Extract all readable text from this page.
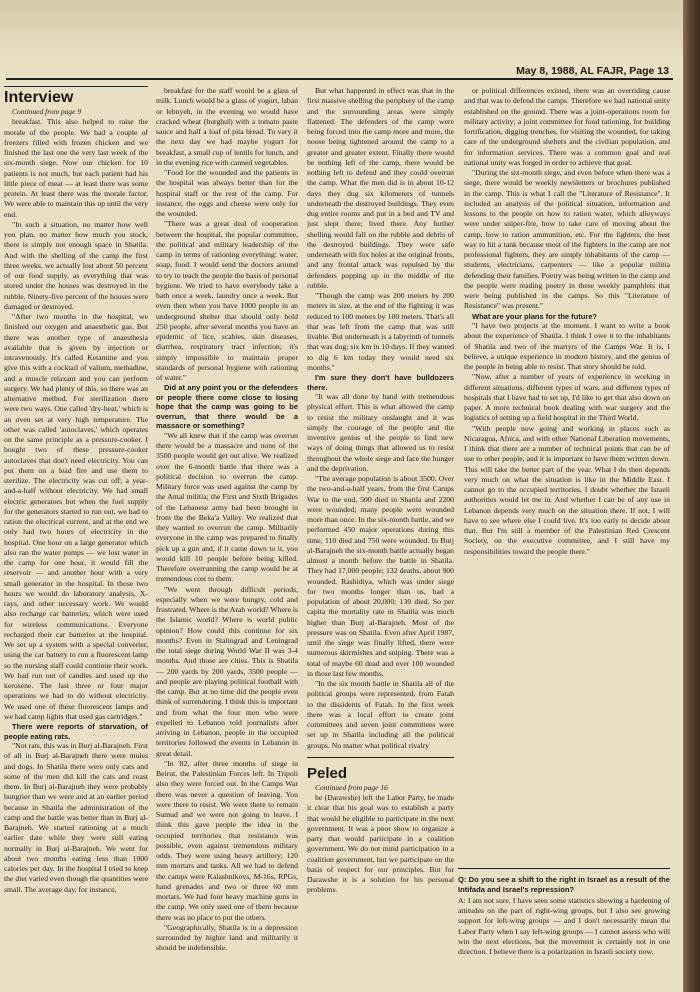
May 8, 1988, AL FAJR, Page 13
Interview

Continued from page 9

breakfast. This also helped to raise the morale of the people. We had a couple of freezers filled with frozen chicken and we finished the last one the very last week of the six-month siege. Now our chicken for 10 patients is not much, but each patient had his little piece of meat — at least there was some protein. At least there was the morale factor. We were able to maintain this up until the very end.

"In such a situation, no matter how well you plan, no matter how much you stock, there is simply not enough space in Shatila. And with the shelling of the camp the first three weeks, we actually lost about 50 percent of our food supply, as everything that was stored under the houses was destroyed in the rubble. Ninety-five percent of the houses were damaged or destroyed.

"After two months in the hospital, we finished our oxygen and anaesthetic gas. But there was another type of anaesthesia available that is given by injection or intravenously. It's called Ketamine and you give this with a cocktail of valium, methadine, and a muscle relaxant and you can perform surgery. We had plenty of this, so there was an alternative method. For sterilization there were two ways. One called 'dry-heat,' which is an oven set at very high temperature. The other was called 'autoclaves,' which operates on the same principle as a pressure-cooker. I bought two of these pressure-cooker autoclaves that don't need electricity. You can put them on a lead fire and use them to sterilize. The electricity was cut off; a year-and-a-half without electricity. We had small electric generators but when the fuel supply for the generators started to run out, we had to ration the electrical current, and at the end we only had two hours of electricity in the hospital. One hour on a large generator which also ran the water pumps — we lost water in the camp for one hour, it would fill the reservoir — and another hour with a very small generator in the hospital. In those two hours we would do laboratory analysis, X-rays, and other necessary work. We would also recharge car batteries, which were used for wireless communications. Everyone recharged their car batteries at the hospital. We set up a system with a special converter, using the car battery to run a fluorescent lamp so the nursing staff could continue their work. We had run out of candles and used up the kerosene. The last three or four major operations we had to do without electricity. We used one of these fluorescent lamps and we had camp lights that used gas cartridges."

There were reports of starvation, of people eating rats.

"Not rats, this was in Burj al-Barajneh. First of all in Burj al-Barajneh there were mules and dogs. In Shatila there were only cats and some of the men did kill the cats and roast them. In Burj al-Barajneh they were probably hungrier than we were and at an earlier period because in Shatila the administration of the camp and the battle was better than in Burj al-Barajneh. We started rationing at a much earlier date while they were still eating normally in Burj al-Barajneh. We went for about two months eating less than 1000 calories per day. In the hospital I tried to keep the diet varied even though the quantities were small. The average day, for instance,

breakfast for the staff would be a glass of milk. Lunch would be a glass of yogurt, laban or lebnyeh, in the evening we would have cracked wheat (burghul) with a tomato paste sauce and half a loaf of pita bread. To vary it the next day we had maybe yogurt for breakfast, a small cup of lentils for lunch, and in the evening rice with canned vegetables.

"Food for the wounded and the patients in the hospital was always better than for the hospital staff or the rest of the camp. For instance, the eggs and cheese were only for the wounded.

"There was a great deal of cooperation between the hospital, the popular committee, the political and military leadership of the camp in terms of rationing everything: water, soap, food. I would send the doctors around to try to teach the people the basis of personal hygiene. We tried to have everybody take a bath once a week, laundry once a week. But even then when you have 1000 people in an underground shelter that should only hold 250 people, after several months you have an epidemic of lice, scabies, skin diseases, diarrhea, respiratory tract infection; it's simply impossible to maintain proper standards of personal hygiene with rationing of water."

Did at any point you or the defenders or people there come close to losing hope that the camp was going to be overrun, that there would be a massacre or something?

"We all knew that if the camp was overrun there would be a massacre and none of the 3500 people would get out alive. We realized over the 6-month battle that there was a political decision to overrun the camp. Military force was used against the camp by the Amal militia; the First and Sixth Brigades of the Lebanese army had been brought in from the the Beka'a Valley. We realized that they wanted to overrun the camp. Militarily everyone in the camp was prepared to finally pick up a gun and, if it came down to it, you would kill 10 people before being killed. Therefore overrunning the camp would be at tremendous cost to them.

"We went through difficult periods, especially when we were hungry, cold and frustrated. Where is the Arab world? Where is the Islamic world? Where is world public opinion? How could this continue for six months? Even in Stalingrad and Leningrad the total siege during World War II was 3-4 months. And those are cities. This is Shatila — 200 yards by 200 yards, 3500 people — and people are playing political football with the camp. But at no time did the people even think of surrendering. I think this is important and from what the four men who were expelled to Lebanon told journalists after arriving in Lebanon, people in the occupied territories followed the events in Lebanon in great detail.

"In '82, after three months of siege in Beirut, the Palestinian Forces left. In Tripoli also they were forced out. In the Camps War there was never a question of leaving. You were there to resist. We were there to remain Sumud and we were not going to leave. I think this gave people the idea in the occupied territories that resistance was possible, even against tremendous military odds. They were using heavy artillery; 120 mm mortars and tanks. All we had to defend the camps were Kalashnikovs, M-16s, RPGs, hand grenades and two or three 60 mm mortars. We had four heavy machine guns in the camp. We only used one of them because there was no place to put the others.

"Geographically, Shatila is in a depression surrounded by higher land and militarily it should be indefensible.

But what happened in effect was that in the first massive shelling the periphery of the camp and the surrounding areas were simply flattened. The defenders of the camp were being forced into the camp more and more, the noose being tightened around the camp to a greater and greater extent. Finally there would be nothing left of the camp, there would be nothing left to defend and they could overrun the camp. What the men did is in about 10-12 days they dug six kilometers of tunnels underneath the destroyed buildings. They even dug entire rooms and put in a bed and TV and just slept there; lived there. Any further shelling would fall on the rubble and debris of the destroyed buildings. They were safe underneath with fox holes at the original fronts, and any frontal attack was repulsed by the defenders popping up in the middle of the rubble.

"Though the camp was 200 meters by 200 meters in size, at the end of the fighting it was reduced to 100 meters by 100 meters. That's all that was left from the camp that was still livable. But underneath is a labyrinth of tunnels that was dug; six km in 10 days. If they wanted to dig 6 km today they would need six months."

I'm sure they don't have bulldozers there.

"It was all done by hand with tremendous physical effort. This is what allowed the camp to resist the military onslaught and it was simply the courage of the people and the inventive genius of the people to find new ways of doing things that allowed us to resist throughout the whole siege and face the hunger and the deprivation.

"The average population is about 3500. Over the two-and-a-half years, from the first Camps War to the end, 500 died in Shatila and 2200 were wounded; many people were wounded more than once. In the six-month battle, and we performed 450 major operations during this time, 110 died and 750 were wounded. In Burj al-Barajneh the six-month battle actually began almost a month before the battle in Shatila. They had 17,000 people; 132 deaths, about 900 wounded. Rashidiya, which was under siege for two months longer than us, had a population of about 20,000; 130 died. So per capita the mortality rate in Shatila was much higher than Burj al-Barajneh. Most of the pressure was on Shatila. Even after April 1987, until the siege was finally lifted, there were numerous skirmishes and sniping. There was a total of maybe 60 dead and over 100 wounded in those last few months.

"In the six month battle in Shatila all of the political groups were represented, from Fatah to the dissidents of Fatah. In the first week there was a local effort to create joint committees and seven joint committees were set up in Shatila including all the political groups. No matter what political rivalry

Peled

Continued from page 16

he (Darawshe) left the Labor Party, he made it clear that his goal was to establish a party that would be eligible to participate in the next government. It was a poor show to organize a party that would participate in a coalition government. We do not mind participation in a coalition government, but we participate on the basis of respect for our principles. But for Darawshe it is a solution for his personal problems.

or political differences existed, there was an overriding cause and that was to defend the camps. Therefore we had national unity established on the ground. There was a joint-operations room for military activity; a joint committee for food rationing, for building fortification, digging trenches, for visiting the wounded, for taking care of the underground shelters and the civilian population, and for information services. There was a common goal and real national unity was forged in order to achieve that goal.

"During the six-month siege, and even before when there was a siege, there would be weekly newsletters or brochures published in the camp. This is what I call the "Literature of Resistance". It included an analysis of the political situation, information and lessons to the people on how to ration water, which alleyways were under sniper-fire, how to take care of moving about the camp, how to ration ammunition, etc. For the fighters, the best way to hit a tank because most of the fighters in the camp are not professional fighters, they are simply inhabitants of the camp — students, electricians, carpenters — like a popular militia defending their families. Poetry was being written in the camp and the people were reading poetry in these weekly pamphlets that were being published in the camps. So this "Literature of Resistance" was present."

What are your plans for the future?

"I have two projects at the moment. I want to write a book about the experience of Shatila. I think I owe it to the inhabitants of Shatila and two of the martyrs of the Camps War. It is, I believe, a unique experience in modern history, and the genius of the people in being able to resist. That story should be told.

"Now, after a number of years of experience in working in different situations, different types of wars, and different types of hospitals that I have had to set up, I'd like to get that also down on paper. A more technical book dealing with war surgery and the logistics of setting up a field hospital in the Third World.

"With people now going and working in places such as Nicaragua, Africa, and with other National Liberation movements, I think that there are a number of technical points that can be of use to other people, and it is important to have them written down. This will take the better part of the year. What I do then depends very much on what the situation is like in the Middle East. I cannot go to the occupied territories, I doubt whether the Israeli authorities would let me in. And whether I can be of any use in Lebanon depends very much on the situation there. If not, I will have to see where else I could live. It's too early to decide about that. But I'm still a member of the Palestinian Red Crescent Society, on the executive committee, and I still have my responsibilities toward the people there."

Q: Do you see a shift to the right in Israel as a result of the Intifada and Israel's repression?

A: I am not sure. I have seen some statistics showing a hardening of attitudes on the part of right-wing groups, but I also see growing support for left-wing groups — and I don't necessarily mean the Labor Party when I say left-wing groups — I cannot assess who will win the next elections, but the movement is certainly not in one direction. I believe there is a polarization in Israeli society now.
